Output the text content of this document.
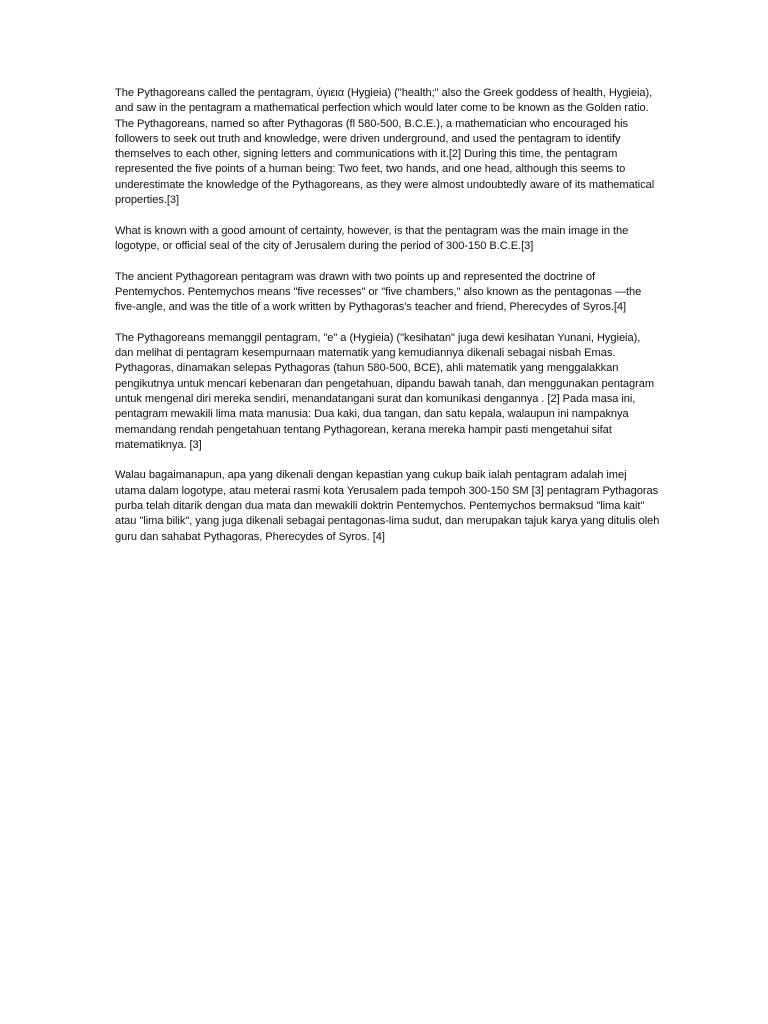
The Pythagoreans called the pentagram, ύγιεια (Hygieia) ("health;" also the Greek goddess of health, Hygieia), and saw in the pentagram a mathematical perfection which would later come to be known as the Golden ratio. The Pythagoreans, named so after Pythagoras (fl 580-500, B.C.E.), a mathematician who encouraged his followers to seek out truth and knowledge, were driven underground, and used the pentagram to identify themselves to each other, signing letters and communications with it.[2] During this time, the pentagram represented the five points of a human being: Two feet, two hands, and one head, although this seems to underestimate the knowledge of the Pythagoreans, as they were almost undoubtedly aware of its mathematical properties.[3]

What is known with a good amount of certainty, however, is that the pentagram was the main image in the logotype, or official seal of the city of Jerusalem during the period of 300-150 B.C.E.[3]

The ancient Pythagorean pentagram was drawn with two points up and represented the doctrine of Pentemychos. Pentemychos means "five recesses" or "five chambers," also known as the pentagonas —the five-angle, and was the title of a work written by Pythagoras's teacher and friend, Pherecydes of Syros.[4]

The Pythagoreans memanggil pentagram, "e" a (Hygieia) ("kesihatan" juga dewi kesihatan Yunani, Hygieia), dan melihat di pentagram kesempurnaan matematik yang kemudiannya dikenali sebagai nisbah Emas. Pythagoras, dinamakan selepas Pythagoras (tahun 580-500, BCE), ahli matematik yang menggalakkan pengikutnya untuk mencari kebenaran dan pengetahuan, dipandu bawah tanah, dan menggunakan pentagram untuk mengenal diri mereka sendiri, menandatangani surat dan komunikasi dengannya . [2] Pada masa ini, pentagram mewakili lima mata manusia: Dua kaki, dua tangan, dan satu kepala, walaupun ini nampaknya memandang rendah pengetahuan tentang Pythagorean, kerana mereka hampir pasti mengetahui sifat matematiknya. [3]

Walau bagaimanapun, apa yang dikenali dengan kepastian yang cukup baik ialah pentagram adalah imej utama dalam logotype, atau meterai rasmi kota Yerusalem pada tempoh 300-150 SM [3] pentagram Pythagoras purba telah ditarik dengan dua mata dan mewakili doktrin Pentemychos. Pentemychos bermaksud "lima kait" atau "lima bilik", yang juga dikenali sebagai pentagonas-lima sudut, dan merupakan tajuk karya yang ditulis oleh guru dan sahabat Pythagoras, Pherecydes of Syros. [4]
